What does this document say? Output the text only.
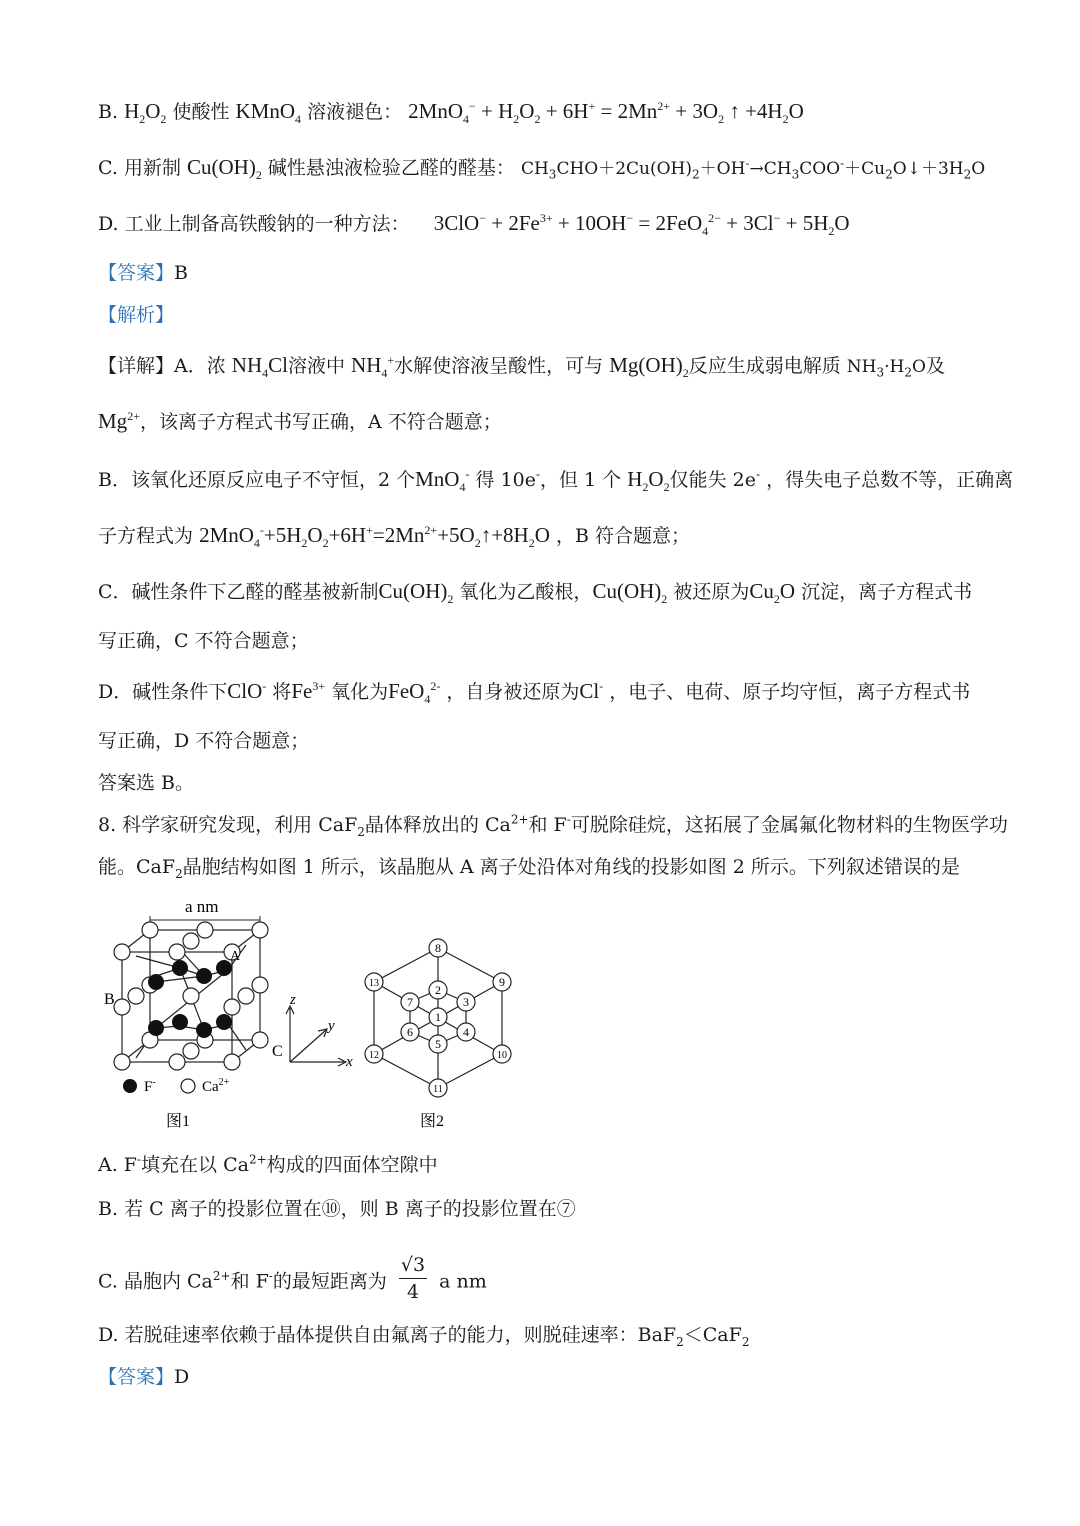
B. $H_2O_2$ 使酸性 KMnO$_4$ 溶液褪色： $2MnO_4^- + H_2O_2 + 6H^+ = 2Mn^{2+} + 3O_2$ ↑ $+4H_2O$
C. 用新制 $Cu(OH)_2$ 碱性悬浊液检验乙醛的醛基： $CH_3CHO+2Cu(OH)_2+OH^-\to CH_3COO^-+Cu_2O↓+3H_2O$
D. 工业上制备高铁酸钠的一种方法： $3ClO^- + 2Fe^{3+} + 10OH^- = 2FeO_4^{2-} + 3Cl^- + 5H_2O$
【答案】B
【解析】
【详解】A．浓 $NH_4Cl$溶液中 $NH_4^+$水解使溶液呈酸性，可与 $Mg(OH)_2$反应生成弱电解质 $NH_3\cdot H_2O$及
$Mg^{2+}$，该离子方程式书写正确，A 不符合题意；
B．该氧化还原反应电子不守恒，2 个MnO$_4$- 得 10e-，但 1 个 $H_2O_2$仅能失 2e- ，得失电子总数不等，正确离
子方程式为 $2MnO_4^-+5H_2O_2+6H^+=2Mn^{2+}+5O_2↑+8H_2O$ ，B 符合题意；
C．碱性条件下乙醛的醛基被新制$Cu(OH)_2$ 氧化为乙酸根，$Cu(OH)_2$ 被还原为$Cu_2O$ 沉淀，离子方程式书
写正确，C 不符合题意；
D．碱性条件下ClO- 将$Fe^{3+}$ 氧化为FeO$_4^{2-}$ ，自身被还原为Cl- ，电子、电荷、原子均守恒，离子方程式书
写正确，D 不符合题意；
答案选 B。
8. 科学家研究发现，利用 CaF$_2$晶体释放出的 $Ca^{2+}$和 F-可脱除硅烷，这拓展了金属氟化物材料的生物医学功
能。CaF$_2$晶胞结构如图 1 所示，该晶胞从 A 离子处沿体对角线的投影如图 2 所示。下列叙述错误的是
a nm
A
B
C
z
y
x
F-	$Ca^{2+}$
图1
1
2
3
4
5
6
7
8
9
10
11
12
13
图2
A. F-填充在以 $Ca^{2+}$构成的四面体空隙中
B. 若 C 离子的投影位置在⑩，则 B 离子的投影位置在⑦
C. 晶胞内 $Ca^{2+}$和 F-的最短距离为 $\frac{√3}{4}$ a nm
D. 若脱硅速率依赖于晶体提供自由氟离子的能力，则脱硅速率：BaF$_2$＜CaF$_2$
【答案】D
